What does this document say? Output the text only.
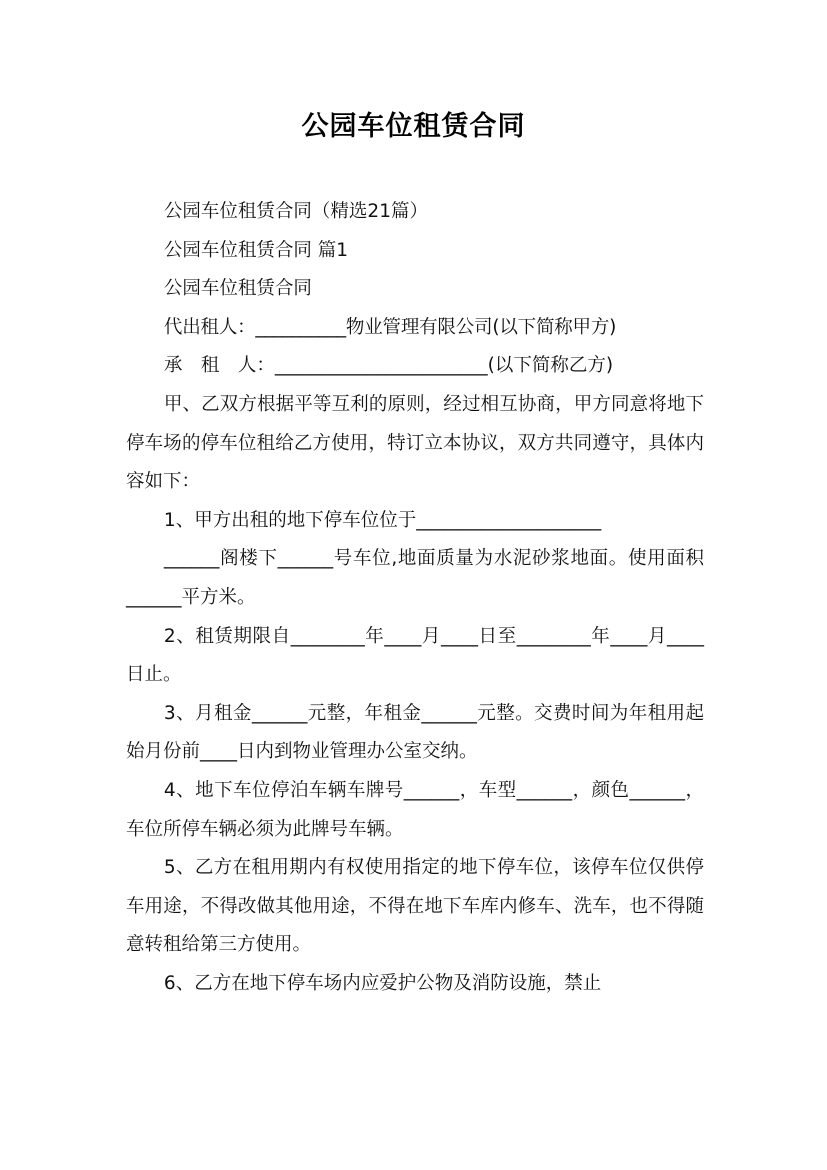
公园车位租赁合同

公园车位租赁合同（精选21篇）

公园车位租赁合同 篇1

公园车位租赁合同

代出租人：__________物业管理有限公司(以下简称甲方)

承　租　人：_______________________(以下简称乙方)

甲、乙双方根据平等互利的原则，经过相互协商，甲方同意将地下停车场的停车位租给乙方使用，特订立本协议，双方共同遵守，具体内容如下：

1、甲方出租的地下停车位位于____________________

______阁楼下______号车位,地面质量为水泥砂浆地面。使用面积______平方米。

2、租赁期限自________年____月____日至________年____月____日止。

3、月租金______元整，年租金______元整。交费时间为年租用起始月份前____日内到物业管理办公室交纳。

4、地下车位停泊车辆车牌号______，车型______，颜色______，车位所停车辆必须为此牌号车辆。

5、乙方在租用期内有权使用指定的地下停车位，该停车位仅供停车用途，不得改做其他用途，不得在地下车库内修车、洗车，也不得随意转租给第三方使用。

6、乙方在地下停车场内应爱护公物及消防设施，禁止
